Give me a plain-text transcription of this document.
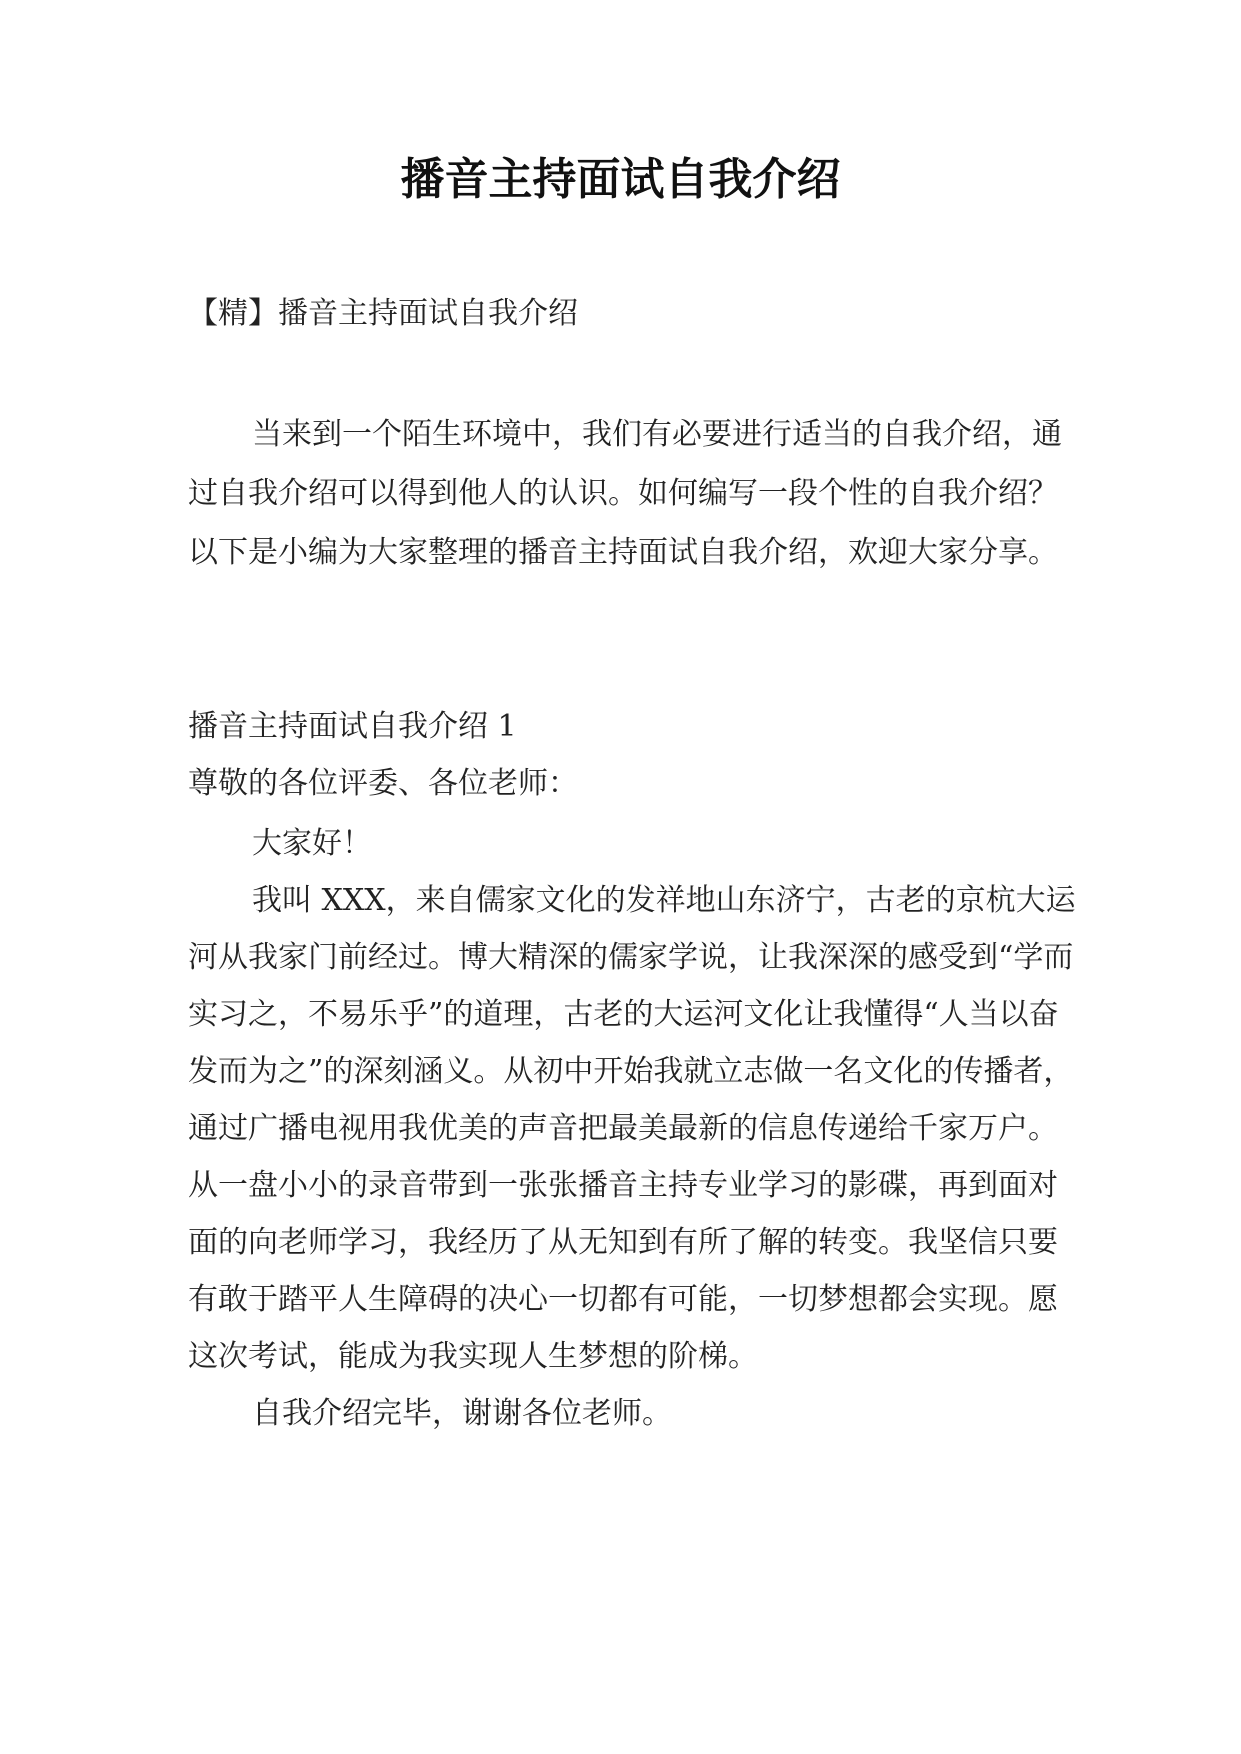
播音主持面试自我介绍
【精】播音主持面试自我介绍

当来到一个陌生环境中，我们有必要进行适当的自我介绍，通过自我介绍可以得到他人的认识。如何编写一段个性的自我介绍？以下是小编为大家整理的播音主持面试自我介绍，欢迎大家分享。

播音主持面试自我介绍 1
尊敬的各位评委、各位老师：

大家好！

我叫 XXX，来自儒家文化的发祥地山东济宁，古老的京杭大运河从我家门前经过。博大精深的儒家学说，让我深深的感受到“学而实习之，不易乐乎”的道理，古老的大运河文化让我懂得“人当以奋发而为之”的深刻涵义。从初中开始我就立志做一名文化的传播者，通过广播电视用我优美的声音把最美最新的信息传递给千家万户。从一盘小小的录音带到一张张播音主持专业学习的影碟，再到面对面的向老师学习，我经历了从无知到有所了解的转变。我坚信只要有敢于踏平人生障碍的决心一切都有可能，一切梦想都会实现。愿这次考试，能成为我实现人生梦想的阶梯。

自我介绍完毕，谢谢各位老师。
